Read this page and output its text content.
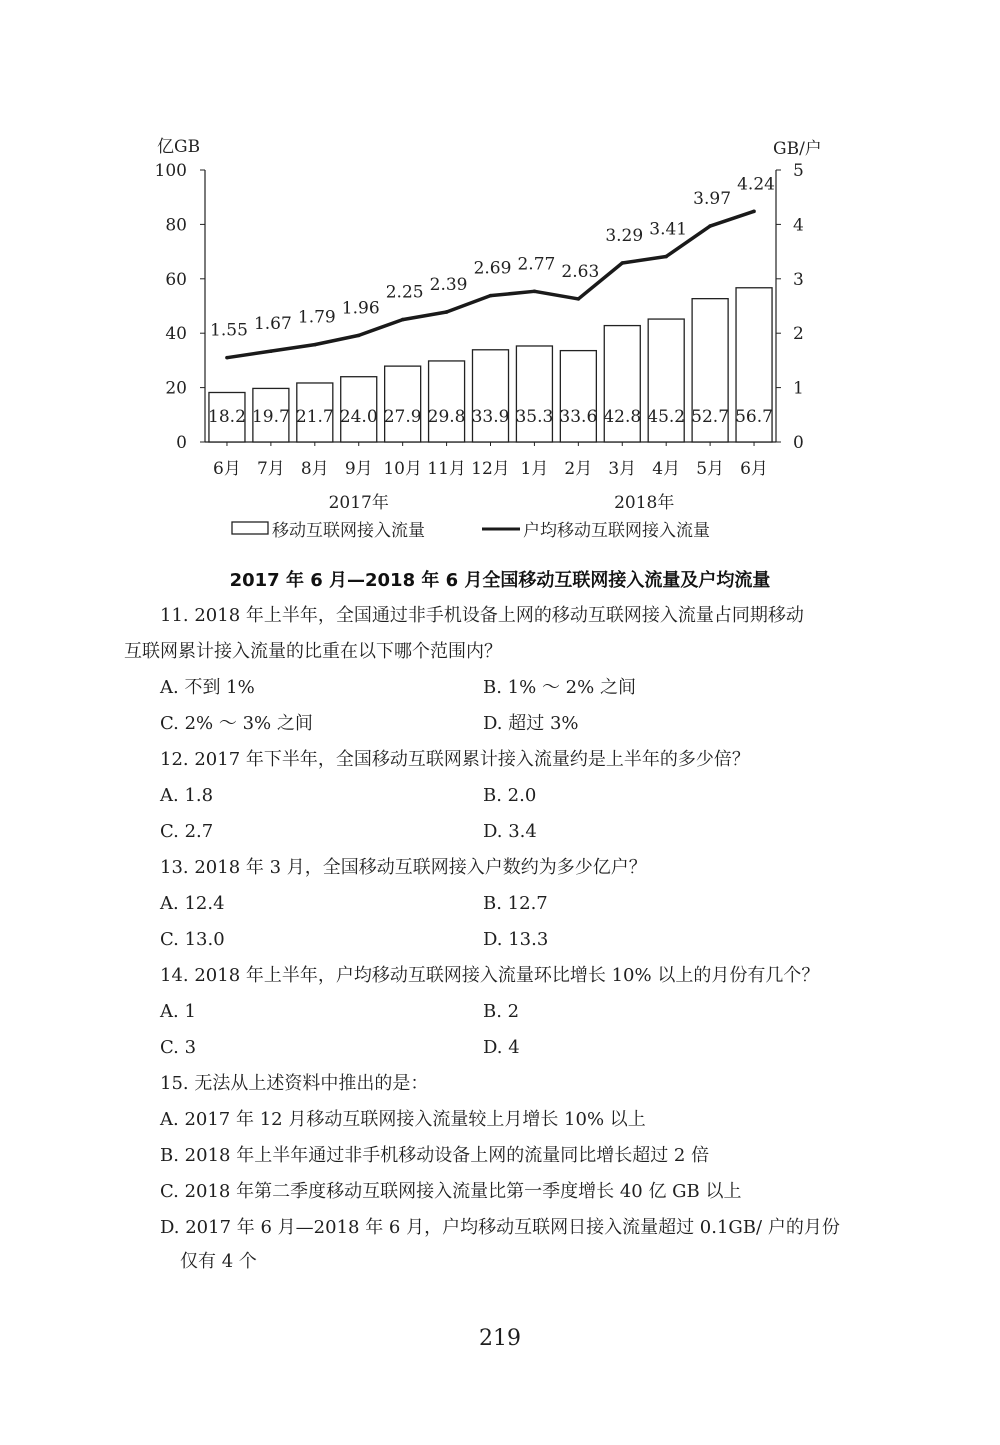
0
20
40
60
80
100
0
1
2
3
4
5
亿GB	GB/户
18.2 19.7 21.7 24.0 27.9 29.8 33.9 35.3 33.6 42.8 45.2 52.7 56.7
1.55 1.67 1.79 1.96
2.25 2.39
2.69 2.77 2.63
3.29 3.41
3.97
4.24
6月 7月 8月 9月 10月 11月 12月 1月 2月 3月 4月 5月 6月
2017年	2018年
移动互联网接入流量	户均移动互联网接入流量
2017 年 6 月—2018 年 6 月全国移动互联网接入流量及户均流量
11. 2018 年上半年，全国通过非手机设备上网的移动互联网接入流量占同期移动
互联网累计接入流量的比重在以下哪个范围内？
A. 不到 1%	B. 1% ～ 2% 之间
C. 2% ～ 3% 之间	D. 超过 3%
12. 2017 年下半年，全国移动互联网累计接入流量约是上半年的多少倍？
A. 1.8	B. 2.0
C. 2.7	D. 3.4
13. 2018 年 3 月，全国移动互联网接入户数约为多少亿户？
A. 12.4	B. 12.7
C. 13.0	D. 13.3
14. 2018 年上半年，户均移动互联网接入流量环比增长 10% 以上的月份有几个？
A. 1	B. 2
C. 3	D. 4
15. 无法从上述资料中推出的是：
A. 2017 年 12 月移动互联网接入流量较上月增长 10% 以上
B. 2018 年上半年通过非手机移动设备上网的流量同比增长超过 2 倍
C. 2018 年第二季度移动互联网接入流量比第一季度增长 40 亿 GB 以上
D. 2017 年 6 月—2018 年 6 月，户均移动互联网日接入流量超过 0.1GB/ 户的月份
仅有 4 个
219
